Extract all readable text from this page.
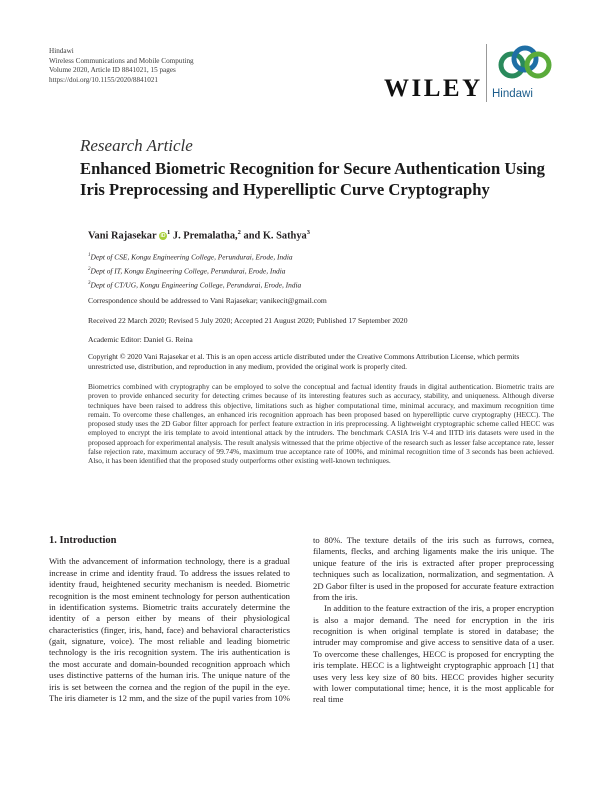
Hindawi
Wireless Communications and Mobile Computing
Volume 2020, Article ID 8841021, 15 pages
https://doi.org/10.1155/2020/8841021	WILEY Hindawi
Research Article
Enhanced Biometric Recognition for Secure Authentication Using Iris Preprocessing and Hyperelliptic Curve Cryptography
Vani Rajasekar $iD^1$ J. Premalatha,$^2$ and K. Sathya$^3$
$^1$Dept of CSE, Kongu Engineering College, Perundurai, Erode, India
$^2$Dept of IT, Kongu Engineering College, Perundurai, Erode, India
$^3$Dept of CT/UG, Kongu Engineering College, Perundurai, Erode, India
Correspondence should be addressed to Vani Rajasekar; vanikecit@gmail.com
Received 22 March 2020; Revised 5 July 2020; Accepted 21 August 2020; Published 17 September 2020
Academic Editor: Daniel G. Reina
Copyright © 2020 Vani Rajasekar et al. This is an open access article distributed under the Creative Commons Attribution License, which permits unrestricted use, distribution, and reproduction in any medium, provided the original work is properly cited.
Biometrics combined with cryptography can be employed to solve the conceptual and factual identity frauds in digital authentication. Biometric traits are proven to provide enhanced security for detecting crimes because of its interesting features such as accuracy, stability, and uniqueness. Although diverse techniques have been raised to address this objective, limitations such as higher computational time, minimal accuracy, and maximum recognition time remain. To overcome these challenges, an enhanced iris recognition approach has been proposed based on hyperelliptic curve cryptography (HECC). The proposed study uses the 2D Gabor filter approach for perfect feature extraction in iris preprocessing. A lightweight cryptographic scheme called HECC was employed to encrypt the iris template to avoid intentional attack by the intruders. The benchmark CASIA Iris V-4 and IITD iris datasets were used in the proposed approach for experimental analysis. The result analysis witnessed that the prime objective of the research such as lesser false acceptance rate, lesser false rejection rate, maximum accuracy of 99.74%, maximum true acceptance rate of 100%, and minimal recognition time of 3 seconds has been achieved. Also, it has been identified that the proposed study outperforms other existing well-known techniques.
1. Introduction

With the advancement of information technology, there is a gradual increase in crime and identity fraud. To address the issues related to identity fraud, heightened security mechanism is needed. Biometric recognition is the most eminent technology for person authentication in identification systems. Biometric traits accurately determine the identity of a person either by means of their physiological characteristics (finger, iris, hand, face) and behavioral characteristics (gait, signature, voice). The most reliable and leading biometric technology is the iris recognition system. The iris authentication is the most accurate and domain-bounded recognition approach which uses distinctive patterns of the human iris. The unique nature of the iris is set between the cornea and the region of the pupil in the eye. The iris diameter is 12 mm, and the size of the pupil varies from 10% to 80%. The texture details of the iris such as furrows, cornea, filaments, flecks, and arching ligaments make the iris unique. The unique feature of the iris is extracted after proper preprocessing techniques such as localization, normalization, and segmentation. A 2D Gabor filter is used in the proposed for accurate feature extraction from the iris.

In addition to the feature extraction of the iris, a proper encryption is also a major demand. The need for encryption in the iris recognition is when original template is stored in database; the intruder may compromise and give access to sensitive data of a user. To overcome these challenges, HECC is proposed for encrypting the iris template. HECC is a lightweight cryptographic approach [1] that uses very less key size of 80 bits. HECC provides higher security with lower computational time; hence, it is the most applicable for real time
